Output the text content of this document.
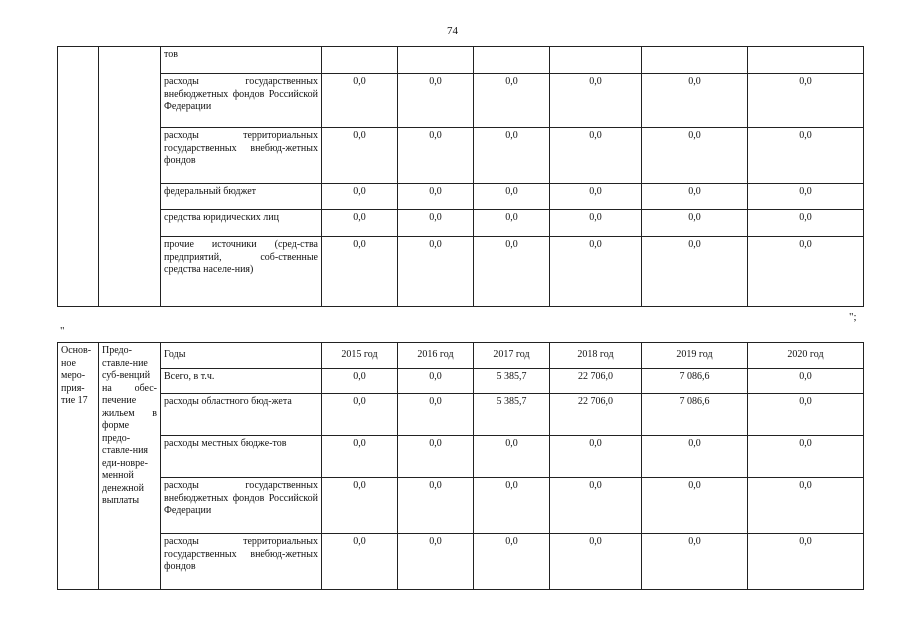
74
		тов						
		расходы государственных внебюджетных фондов Российской Федерации	0,0	0,0	0,0	0,0	0,0	0,0
		расходы территориальных государственных внебюд-жетных фондов	0,0	0,0	0,0	0,0	0,0	0,0
		федеральный бюджет	0,0	0,0	0,0	0,0	0,0	0,0
		средства юридических лиц	0,0	0,0	0,0	0,0	0,0	0,0
		прочие источники (сред-ства предприятий, соб-ственные средства населе-ния)	0,0	0,0	0,0	0,0	0,0	0,0
";
"
Основ-ное меро-прия-тие 17	Предо-ставле-ние суб-венций на обес-печение жильем в форме предо-ставле-ния еди-новре-менной денежной выплаты	Годы	2015 год	2016 год	2017 год	2018 год	2019 год	2020 год
		Всего, в т.ч.	0,0	0,0	5 385,7	22 706,0	7 086,6	0,0
		расходы областного бюд-жета	0,0	0,0	5 385,7	22 706,0	7 086,6	0,0
		расходы местных бюдже-тов	0,0	0,0	0,0	0,0	0,0	0,0
		расходы государственных внебюджетных фондов Российской Федерации	0,0	0,0	0,0	0,0	0,0	0,0
		расходы территориальных государственных внебюд-жетных фондов	0,0	0,0	0,0	0,0	0,0	0,0
